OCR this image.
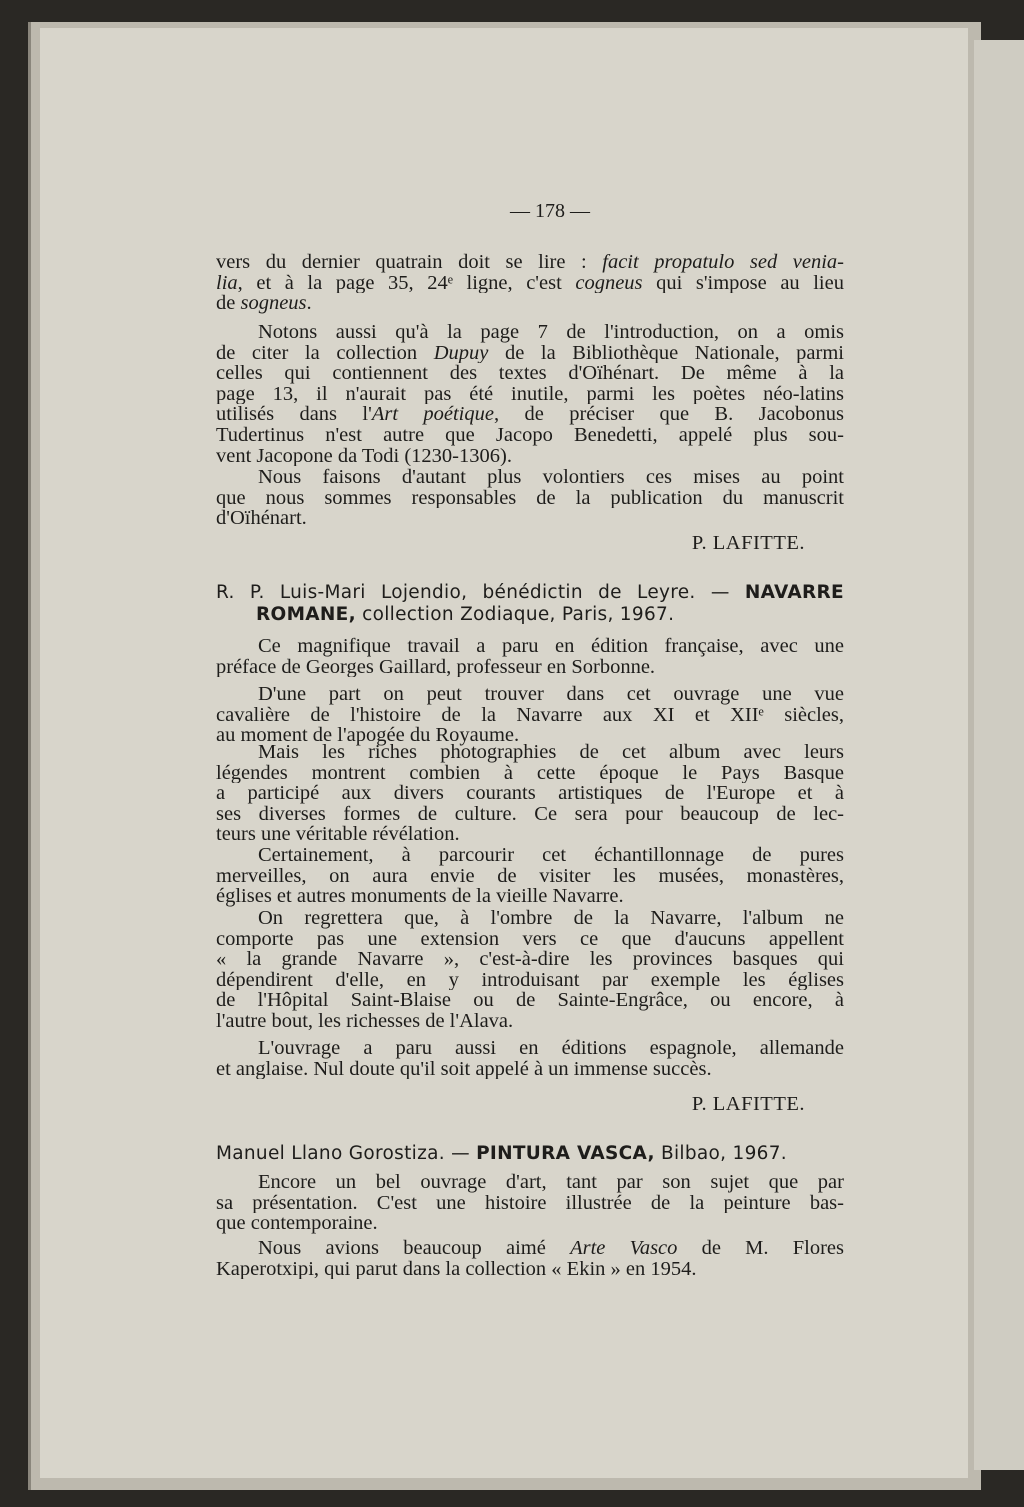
— 178 —
vers du dernier quatrain doit se lire : facit propatulo sed venia-
lia, et à la page 35, 24ᵉ ligne, c'est cogneus qui s'impose au lieu
de sogneus.
Notons aussi qu'à la page 7 de l'introduction, on a omis
de citer la collection Dupuy de la Bibliothèque Nationale, parmi
celles qui contiennent des textes d'Oïhénart. De même à la
page 13, il n'aurait pas été inutile, parmi les poètes néo-latins
utilisés dans l'Art poétique, de préciser que B. Jacobonus
Tudertinus n'est autre que Jacopo Benedetti, appelé plus sou-
vent Jacopone da Todi (1230-1306).
Nous faisons d'autant plus volontiers ces mises au point
que nous sommes responsables de la publication du manuscrit
d'Oïhénart.
P. LAFITTE.
R. P. Luis-Mari Lojendio, bénédictin de Leyre. — NAVARRE
ROMANE, collection Zodiaque, Paris, 1967.
Ce magnifique travail a paru en édition française, avec une
préface de Georges Gaillard, professeur en Sorbonne.
D'une part on peut trouver dans cet ouvrage une vue
cavalière de l'histoire de la Navarre aux XI et XIIᵉ siècles,
au moment de l'apogée du Royaume.
Mais les riches photographies de cet album avec leurs
légendes montrent combien à cette époque le Pays Basque
a participé aux divers courants artistiques de l'Europe et à
ses diverses formes de culture. Ce sera pour beaucoup de lec-
teurs une véritable révélation.
Certainement, à parcourir cet échantillonnage de pures
merveilles, on aura envie de visiter les musées, monastères,
églises et autres monuments de la vieille Navarre.
On regrettera que, à l'ombre de la Navarre, l'album ne
comporte pas une extension vers ce que d'aucuns appellent
« la grande Navarre », c'est-à-dire les provinces basques qui
dépendirent d'elle, en y introduisant par exemple les églises
de l'Hôpital Saint-Blaise ou de Sainte-Engrâce, ou encore, à
l'autre bout, les richesses de l'Alava.
L'ouvrage a paru aussi en éditions espagnole, allemande
et anglaise. Nul doute qu'il soit appelé à un immense succès.
P. LAFITTE.
Manuel Llano Gorostiza. — PINTURA VASCA, Bilbao, 1967.
Encore un bel ouvrage d'art, tant par son sujet que par
sa présentation. C'est une histoire illustrée de la peinture bas-
que contemporaine.
Nous avions beaucoup aimé Arte Vasco de M. Flores
Kaperotxipi, qui parut dans la collection « Ekin » en 1954.
